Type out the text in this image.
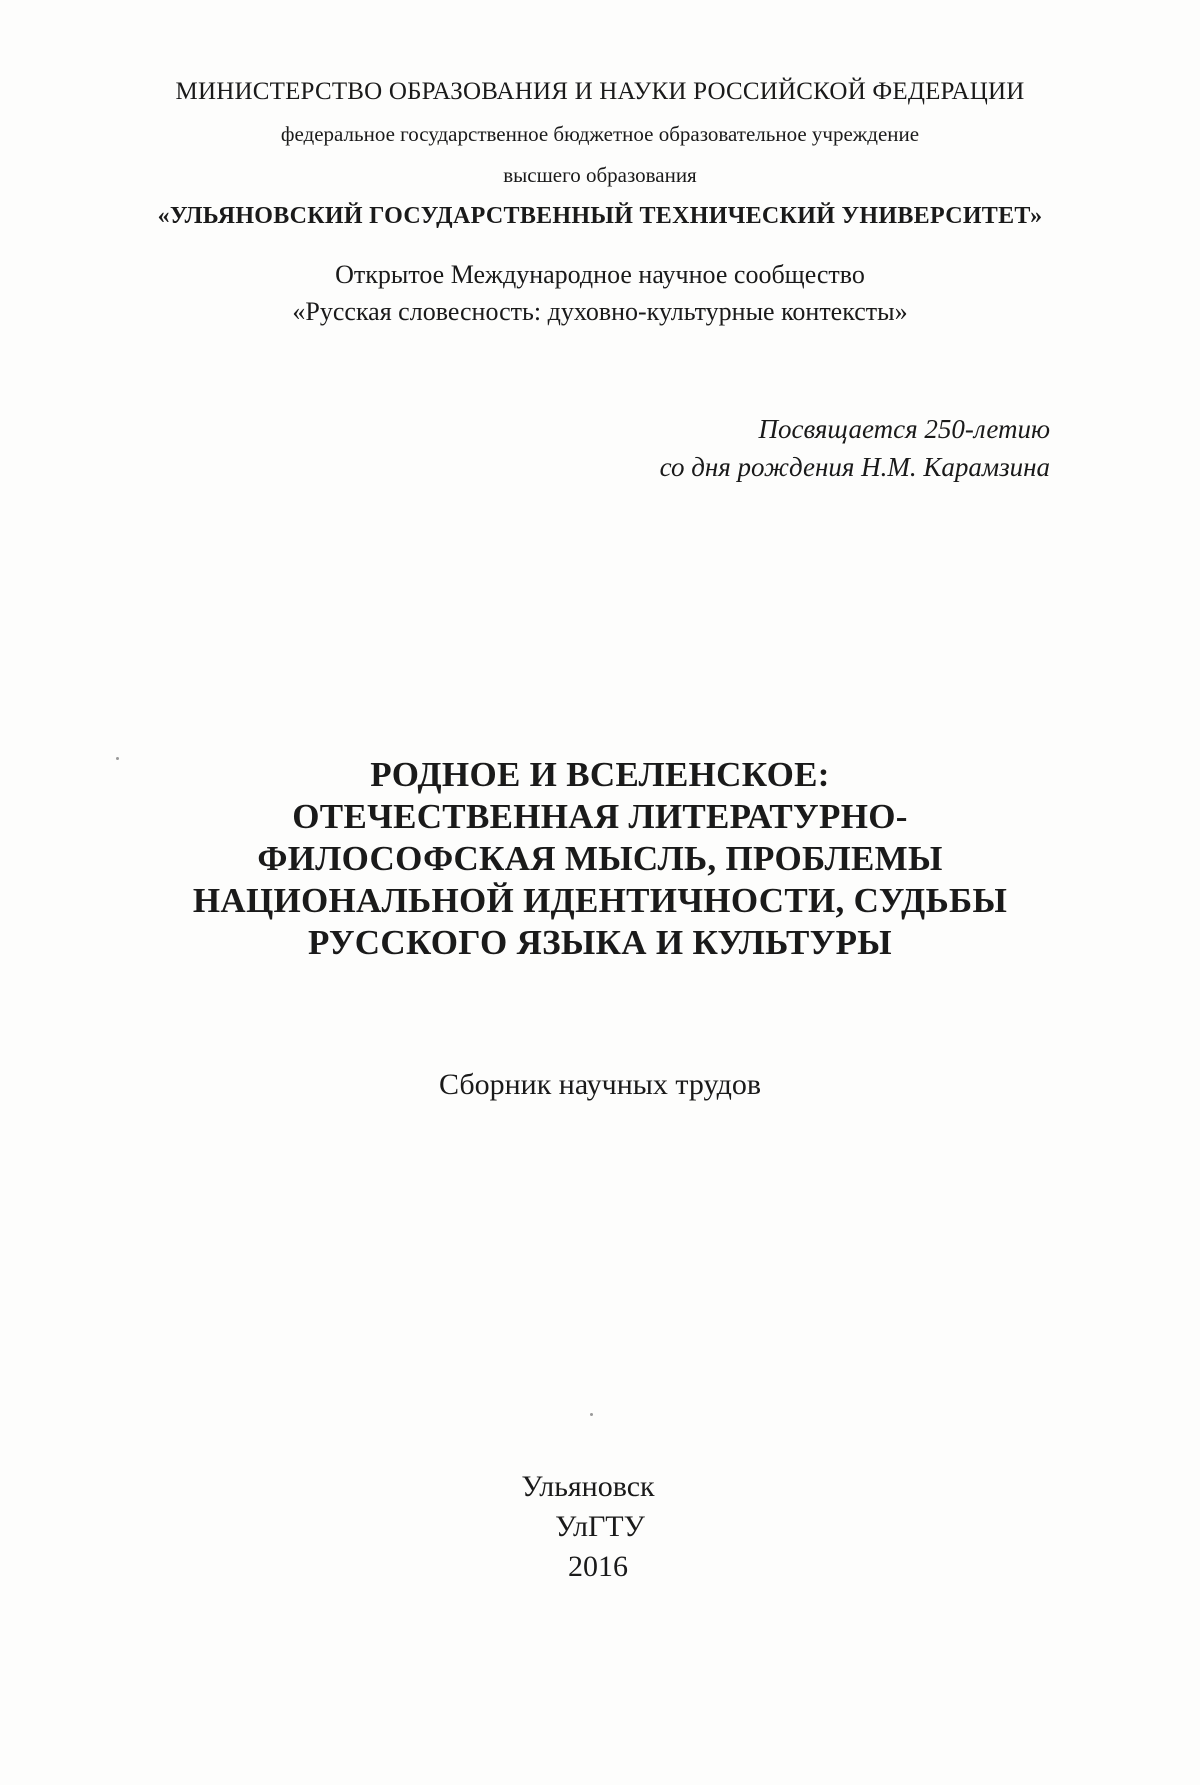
МИНИСТЕРСТВО ОБРАЗОВАНИЯ И НАУКИ РОССИЙСКОЙ ФЕДЕРАЦИИ
федеральное государственное бюджетное образовательное учреждение
высшего образования
«УЛЬЯНОВСКИЙ ГОСУДАРСТВЕННЫЙ ТЕХНИЧЕСКИЙ УНИВЕРСИТЕТ»
Открытое Международное научное сообщество
«Русская словесность: духовно-культурные контексты»
Посвящается 250-летию
со дня рождения Н.М. Карамзина
РОДНОЕ И ВСЕЛЕНСКОЕ:
ОТЕЧЕСТВЕННАЯ ЛИТЕРАТУРНО-
ФИЛОСОФСКАЯ МЫСЛЬ, ПРОБЛЕМЫ
НАЦИОНАЛЬНОЙ ИДЕНТИЧНОСТИ, СУДЬБЫ
РУССКОГО ЯЗЫКА И КУЛЬТУРЫ
Сборник научных трудов
Ульяновск
УлГТУ
2016
